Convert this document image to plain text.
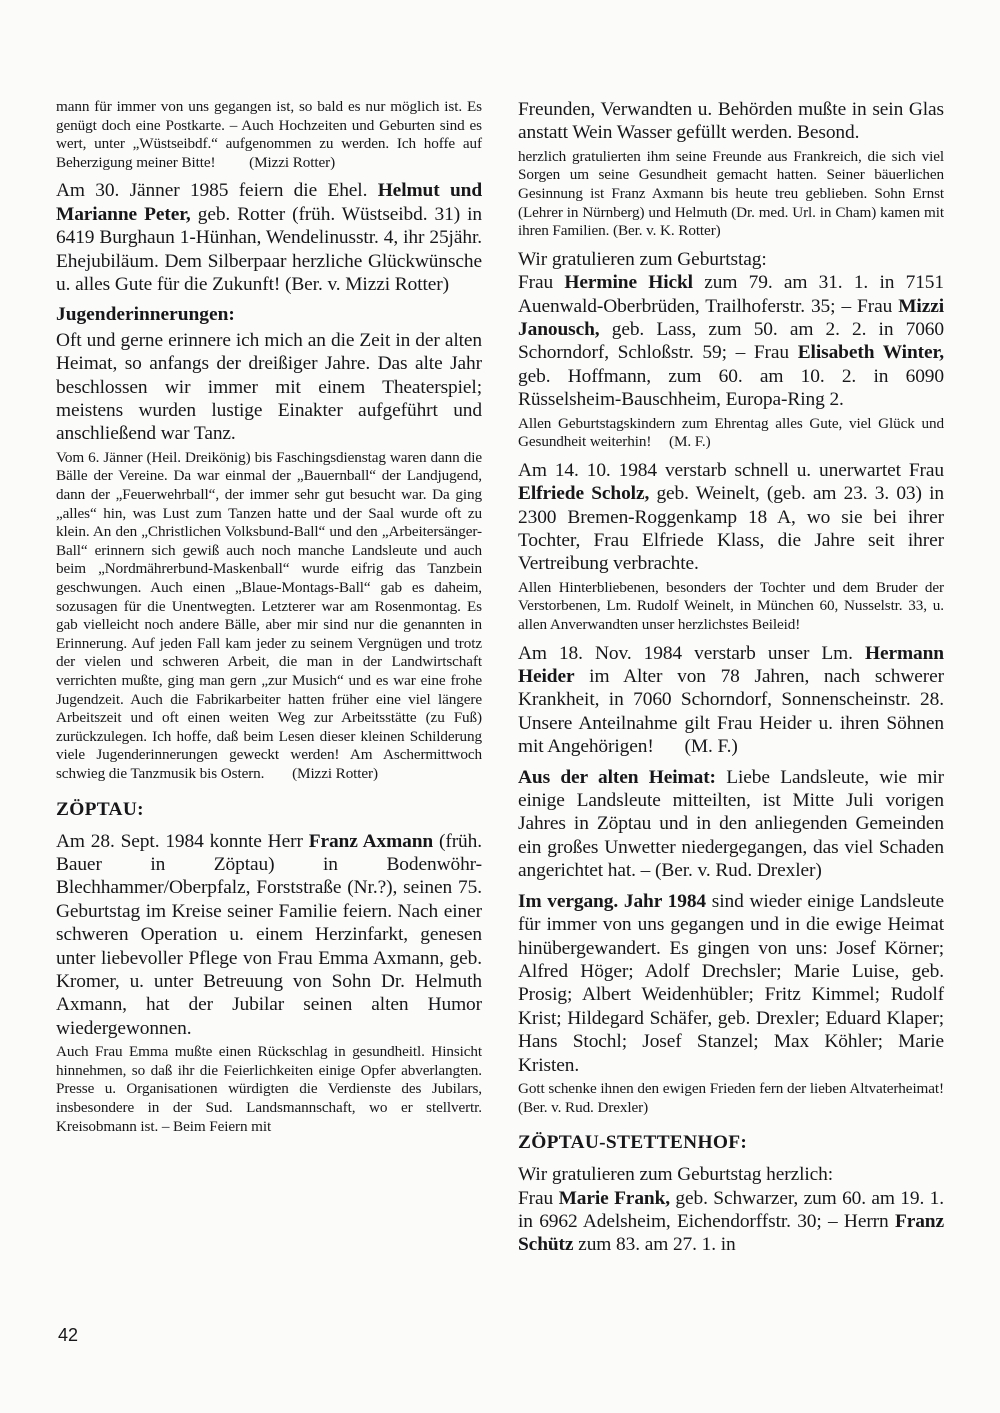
mann für immer von uns gegangen ist, so bald es nur möglich ist. Es genügt doch eine Postkarte. – Auch Hochzeiten und Geburten sind es wert, unter „Wüstseibdf.“ aufgenommen zu werden. Ich hoffe auf Beherzigung meiner Bitte! (Mizzi Rotter)

Am 30. Jänner 1985 feiern die Ehel. Helmut und Marianne Peter, geb. Rotter (früh. Wüstseibd. 31) in 6419 Burghaun 1-Hünhan, Wendelinusstr. 4, ihr 25jähr. Ehejubiläum. Dem Silberpaar herzliche Glückwünsche u. alles Gute für die Zukunft! (Ber. v. Mizzi Rotter)

Jugenderinnerungen:

Oft und gerne erinnere ich mich an die Zeit in der alten Heimat, so anfangs der dreißiger Jahre. Das alte Jahr beschlossen wir immer mit einem Theaterspiel; meistens wurden lustige Einakter aufgeführt und anschließend war Tanz.

Vom 6. Jänner (Heil. Dreikönig) bis Faschingsdienstag waren dann die Bälle der Vereine. Da war einmal der „Bauernball“ der Landjugend, dann der „Feuerwehrball“, der immer sehr gut besucht war. Da ging „alles“ hin, was Lust zum Tanzen hatte und der Saal wurde oft zu klein. An den „Christlichen Volksbund-Ball“ und den „Arbeitersänger-Ball“ erinnern sich gewiß auch noch manche Landsleute und auch beim „Nordmährerbund-Maskenball“ wurde eifrig das Tanzbein geschwungen. Auch einen „Blaue-Montags-Ball“ gab es daheim, sozusagen für die Unentwegten. Letzterer war am Rosenmontag. Es gab vielleicht noch andere Bälle, aber mir sind nur die genannten in Erinnerung. Auf jeden Fall kam jeder zu seinem Vergnügen und trotz der vielen und schweren Arbeit, die man in der Landwirtschaft verrichten mußte, ging man gern „zur Musich“ und es war eine frohe Jugendzeit. Auch die Fabrikarbeiter hatten früher eine viel längere Arbeitszeit und oft einen weiten Weg zur Arbeitsstätte (zu Fuß) zurückzulegen. Ich hoffe, daß beim Lesen dieser kleinen Schilderung viele Jugenderinnerungen geweckt werden! Am Aschermittwoch schwieg die Tanzmusik bis Ostern. (Mizzi Rotter)

ZÖPTAU:

Am 28. Sept. 1984 konnte Herr Franz Axmann (früh. Bauer in Zöptau) in Bodenwöhr-Blechhammer/Oberpfalz, Forststraße (Nr.?), seinen 75. Geburtstag im Kreise seiner Familie feiern. Nach einer schweren Operation u. einem Herzinfarkt, genesen unter liebevoller Pflege von Frau Emma Axmann, geb. Kromer, u. unter Betreuung von Sohn Dr. Helmuth Axmann, hat der Jubilar seinen alten Humor wiedergewonnen.

Auch Frau Emma mußte einen Rückschlag in gesundheitl. Hinsicht hinnehmen, so daß ihr die Feierlichkeiten einige Opfer abverlangten. Presse u. Organisationen würdigten die Verdienste des Jubilars, insbesondere in der Sud. Landsmannschaft, wo er stellvertr. Kreisobmann ist. – Beim Feiern mit

Freunden, Verwandten u. Behörden mußte in sein Glas anstatt Wein Wasser gefüllt werden. Besond.

herzlich gratulierten ihm seine Freunde aus Frankreich, die sich viel Sorgen um seine Gesundheit gemacht hatten. Seiner bäuerlichen Gesinnung ist Franz Axmann bis heute treu geblieben. Sohn Ernst (Lehrer in Nürnberg) und Helmuth (Dr. med. Url. in Cham) kamen mit ihren Familien. (Ber. v. K. Rotter)

Wir gratulieren zum Geburtstag:
Frau Hermine Hickl zum 79. am 31. 1. in 7151 Auenwald-Oberbrüden, Trailhoferstr. 35; – Frau Mizzi Janousch, geb. Lass, zum 50. am 2. 2. in 7060 Schorndorf, Schloßstr. 59; – Frau Elisabeth Winter, geb. Hoffmann, zum 60. am 10. 2. in 6090 Rüsselsheim-Bauschheim, Europa-Ring 2.

Allen Geburtstagskindern zum Ehrentag alles Gute, viel Glück und Gesundheit weiterhin! (M. F.)

Am 14. 10. 1984 verstarb schnell u. unerwartet Frau Elfriede Scholz, geb. Weinelt, (geb. am 23. 3. 03) in 2300 Bremen-Roggenkamp 18 A, wo sie bei ihrer Tochter, Frau Elfriede Klass, die Jahre seit ihrer Vertreibung verbrachte.

Allen Hinterbliebenen, besonders der Tochter und dem Bruder der Verstorbenen, Lm. Rudolf Weinelt, in München 60, Nusselstr. 33, u. allen Anverwandten unser herzlichstes Beileid!

Am 18. Nov. 1984 verstarb unser Lm. Hermann Heider im Alter von 78 Jahren, nach schwerer Krankheit, in 7060 Schorndorf, Sonnenscheinstr. 28. Unsere Anteilnahme gilt Frau Heider u. ihren Söhnen mit Angehörigen! (M. F.)

Aus der alten Heimat: Liebe Landsleute, wie mir einige Landsleute mitteilten, ist Mitte Juli vorigen Jahres in Zöptau und in den anliegenden Gemeinden ein großes Unwetter niedergegangen, das viel Schaden angerichtet hat. – (Ber. v. Rud. Drexler)

Im vergang. Jahr 1984 sind wieder einige Landsleute für immer von uns gegangen und in die ewige Heimat hinübergewandert. Es gingen von uns: Josef Körner; Alfred Höger; Adolf Drechsler; Marie Luise, geb. Prosig; Albert Weidenhübler; Fritz Kimmel; Rudolf Krist; Hildegard Schäfer, geb. Drexler; Eduard Klaper; Hans Stochl; Josef Stanzel; Max Köhler; Marie Kristen.

Gott schenke ihnen den ewigen Frieden fern der lieben Altvaterheimat! (Ber. v. Rud. Drexler)

ZÖPTAU-STETTENHOF:

Wir gratulieren zum Geburtstag herzlich:
Frau Marie Frank, geb. Schwarzer, zum 60. am 19. 1. in 6962 Adelsheim, Eichendorffstr. 30; – Herrn Franz Schütz zum 83. am 27. 1. in

42
